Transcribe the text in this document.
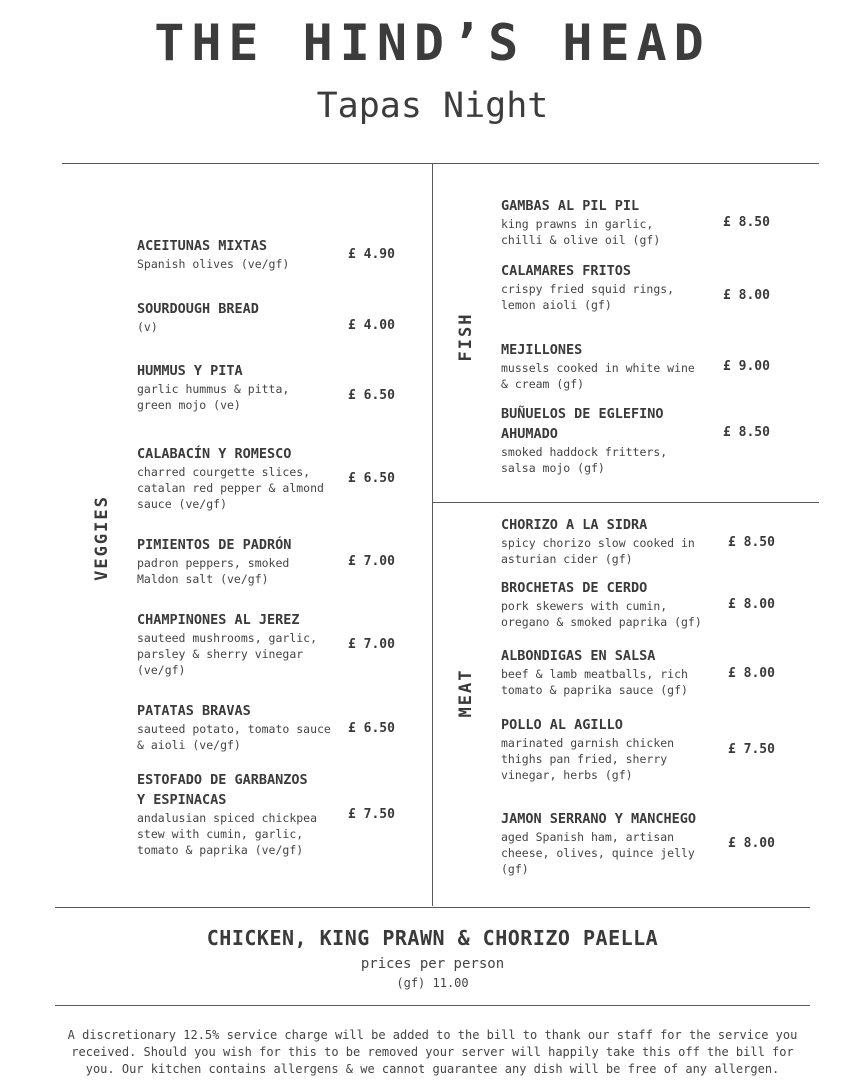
THE HIND’S HEAD
Tapas Night
VEGGIES
FISH
MEAT
ACEITUNAS MIXTAS
Spanish olives (ve/gf)
£ 4.90
SOURDOUGH BREAD
(v)	£ 4.00
HUMMUS Y PITA
garlic hummus & pitta,
green mojo (ve)
£ 6.50
CALABACÍN Y ROMESCO
charred courgette slices,
catalan red pepper & almond
sauce (ve/gf)
£ 6.50
PIMIENTOS DE PADRÓN
padron peppers, smoked
Maldon salt (ve/gf)
£ 7.00
CHAMPINONES AL JEREZ
sauteed mushrooms, garlic,
parsley & sherry vinegar
(ve/gf)
£ 7.00
PATATAS BRAVAS
sauteed potato, tomato sauce
& aioli (ve/gf)
£ 6.50
ESTOFADO DE GARBANZOS
Y ESPINACAS
andalusian spiced chickpea
stew with cumin, garlic,
tomato & paprika (ve/gf)
£ 7.50
GAMBAS AL PIL PIL
king prawns in garlic,
chilli & olive oil (gf)
£ 8.50
CALAMARES FRITOS
crispy fried squid rings,
lemon aioli (gf)
£ 8.00
MEJILLONES
mussels cooked in white wine
& cream (gf)
£ 9.00
BUÑUELOS DE EGLEFINO
AHUMADO
smoked haddock fritters,
salsa mojo (gf)
£ 8.50
CHORIZO A LA SIDRA
spicy chorizo slow cooked in
asturian cider (gf)
£ 8.50
BROCHETAS DE CERDO
pork skewers with cumin,
oregano & smoked paprika (gf)
£ 8.00
ALBONDIGAS EN SALSA
beef & lamb meatballs, rich
tomato & paprika sauce (gf)
£ 8.00
POLLO AL AGILLO
marinated garnish chicken
thighs pan fried, sherry
vinegar, herbs (gf)
£ 7.50
JAMON SERRANO Y MANCHEGO
aged Spanish ham, artisan
cheese, olives, quince jelly
(gf)
£ 8.00
CHICKEN, KING PRAWN & CHORIZO PAELLA
prices per person
(gf) 11.00
A discretionary 12.5% service charge will be added to the bill to thank our staff for the service you received. Should you wish for this to be removed your server will happily take this off the bill for you. Our kitchen contains allergens & we cannot guarantee any dish will be free of any allergen.
